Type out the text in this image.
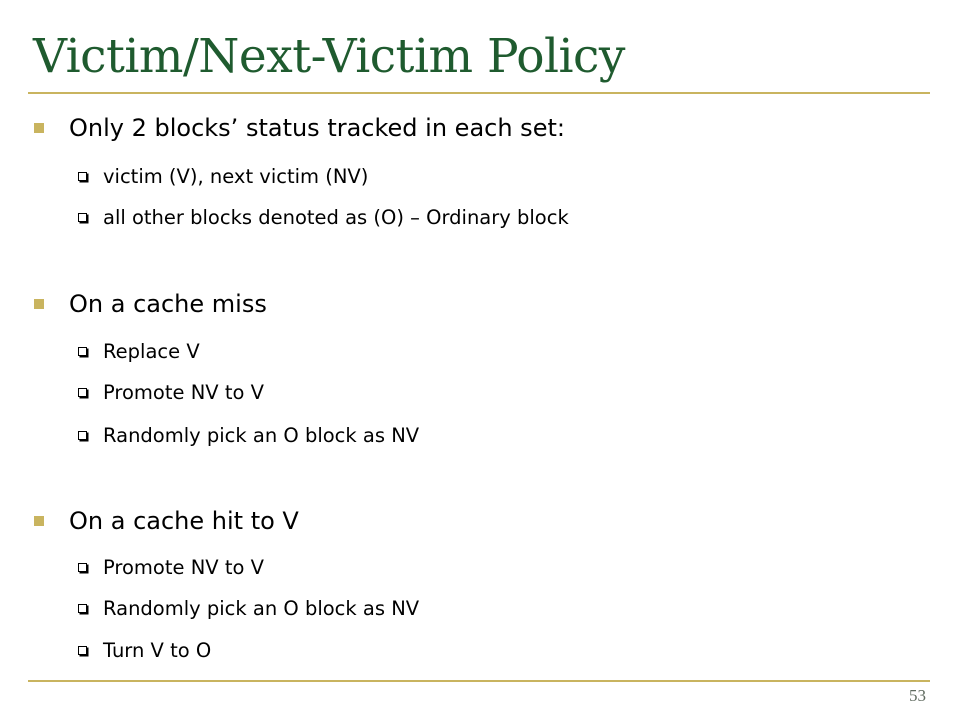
Victim/Next-Victim Policy
Only 2 blocks’ status tracked in each set:
victim (V), next victim (NV)
all other blocks denoted as (O) – Ordinary block
On a cache miss
Replace V
Promote NV to V
Randomly pick an O block as NV
On a cache hit to V
Promote NV to V
Randomly pick an O block as NV
Turn V to O
53
